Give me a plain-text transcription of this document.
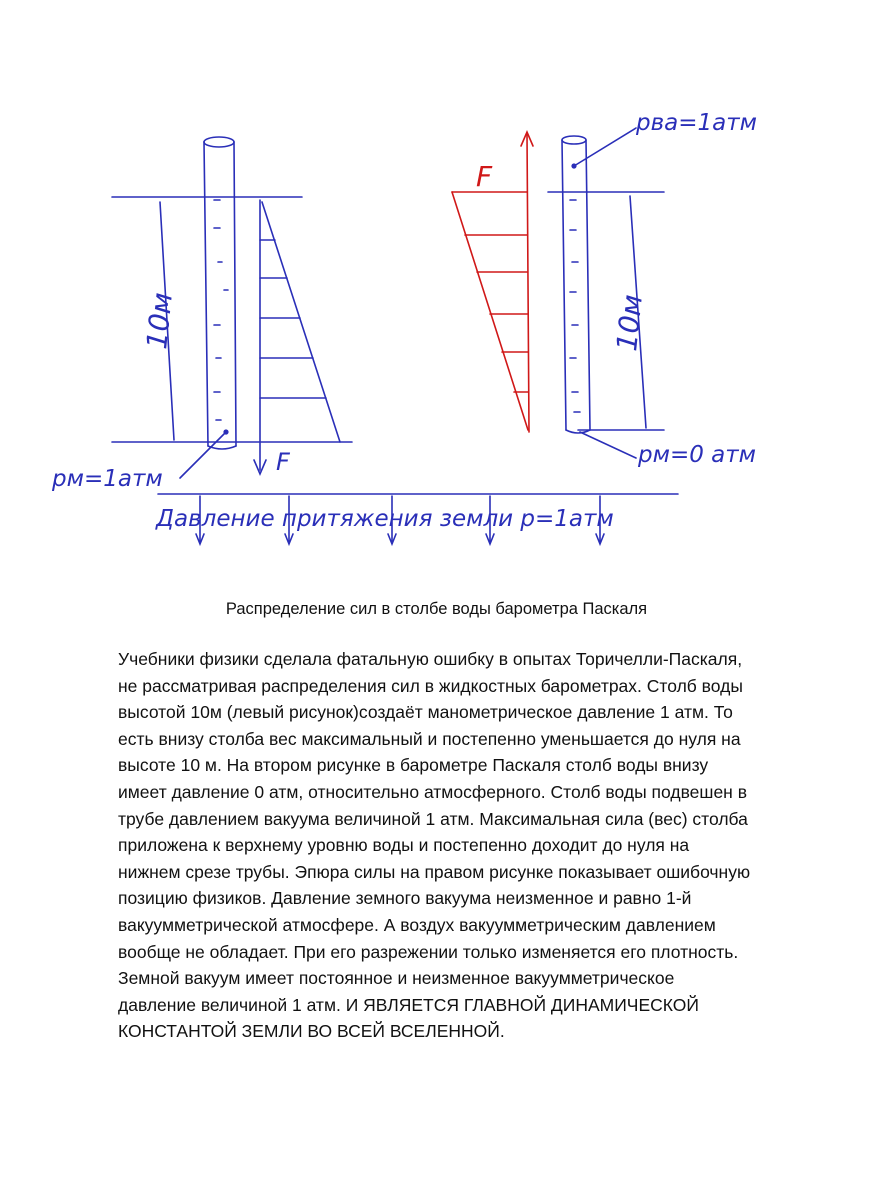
10м
pм=1атм
F
F
pва=1атм
10м
pм=0 атм
Давление притяжения земли p=1атм
Распределение сил в столбе воды барометра Паскаля

Учебники физики сделала фатальную ошибку в опытах Торичелли-Паскаля,

не рассматривая распределения сил в жидкостных барометрах. Столб воды

высотой 10м (левый рисунок)создаёт манометрическое давление 1 атм. То

есть внизу столба вес максимальный и постепенно уменьшается до нуля на

высоте 10 м. На втором рисунке в барометре Паскаля столб воды внизу

имеет давление 0 атм, относительно атмосферного. Столб воды подвешен в

трубе давлением вакуума величиной 1 атм. Максимальная сила (вес) столба

приложена к верхнему уровню воды и постепенно доходит до нуля на

нижнем срезе трубы. Эпюра силы на правом рисунке показывает ошибочную

позицию физиков. Давление земного вакуума неизменное и равно 1-й

вакуумметрической атмосфере. А воздух вакуумметрическим давлением

вообще не обладает. При его разрежении только изменяется его плотность.

Земной вакуум имеет постоянное и неизменное вакуумметрическое

давление величиной 1 атм. И ЯВЛЯЕТСЯ ГЛАВНОЙ ДИНАМИЧЕСКОЙ

КОНСТАНТОЙ ЗЕМЛИ ВО ВСЕЙ ВСЕЛЕННОЙ.
